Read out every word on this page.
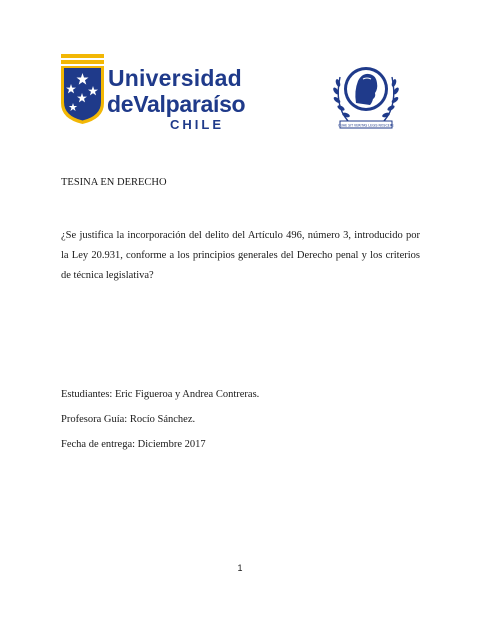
Universidad
deValparaíso
CHILE	QUAE SIT VERITAS LEGIS NOSCERE
TESINA EN DERECHO
¿Se justifica la incorporación del delito del Artículo 496, número 3, introducido por la Ley 20.931, conforme a los principios generales del Derecho penal y los criterios de técnica legislativa?
Estudiantes: Eric Figueroa y Andrea Contreras.
Profesora Guía: Rocío Sánchez.
Fecha de entrega: Diciembre 2017
1
